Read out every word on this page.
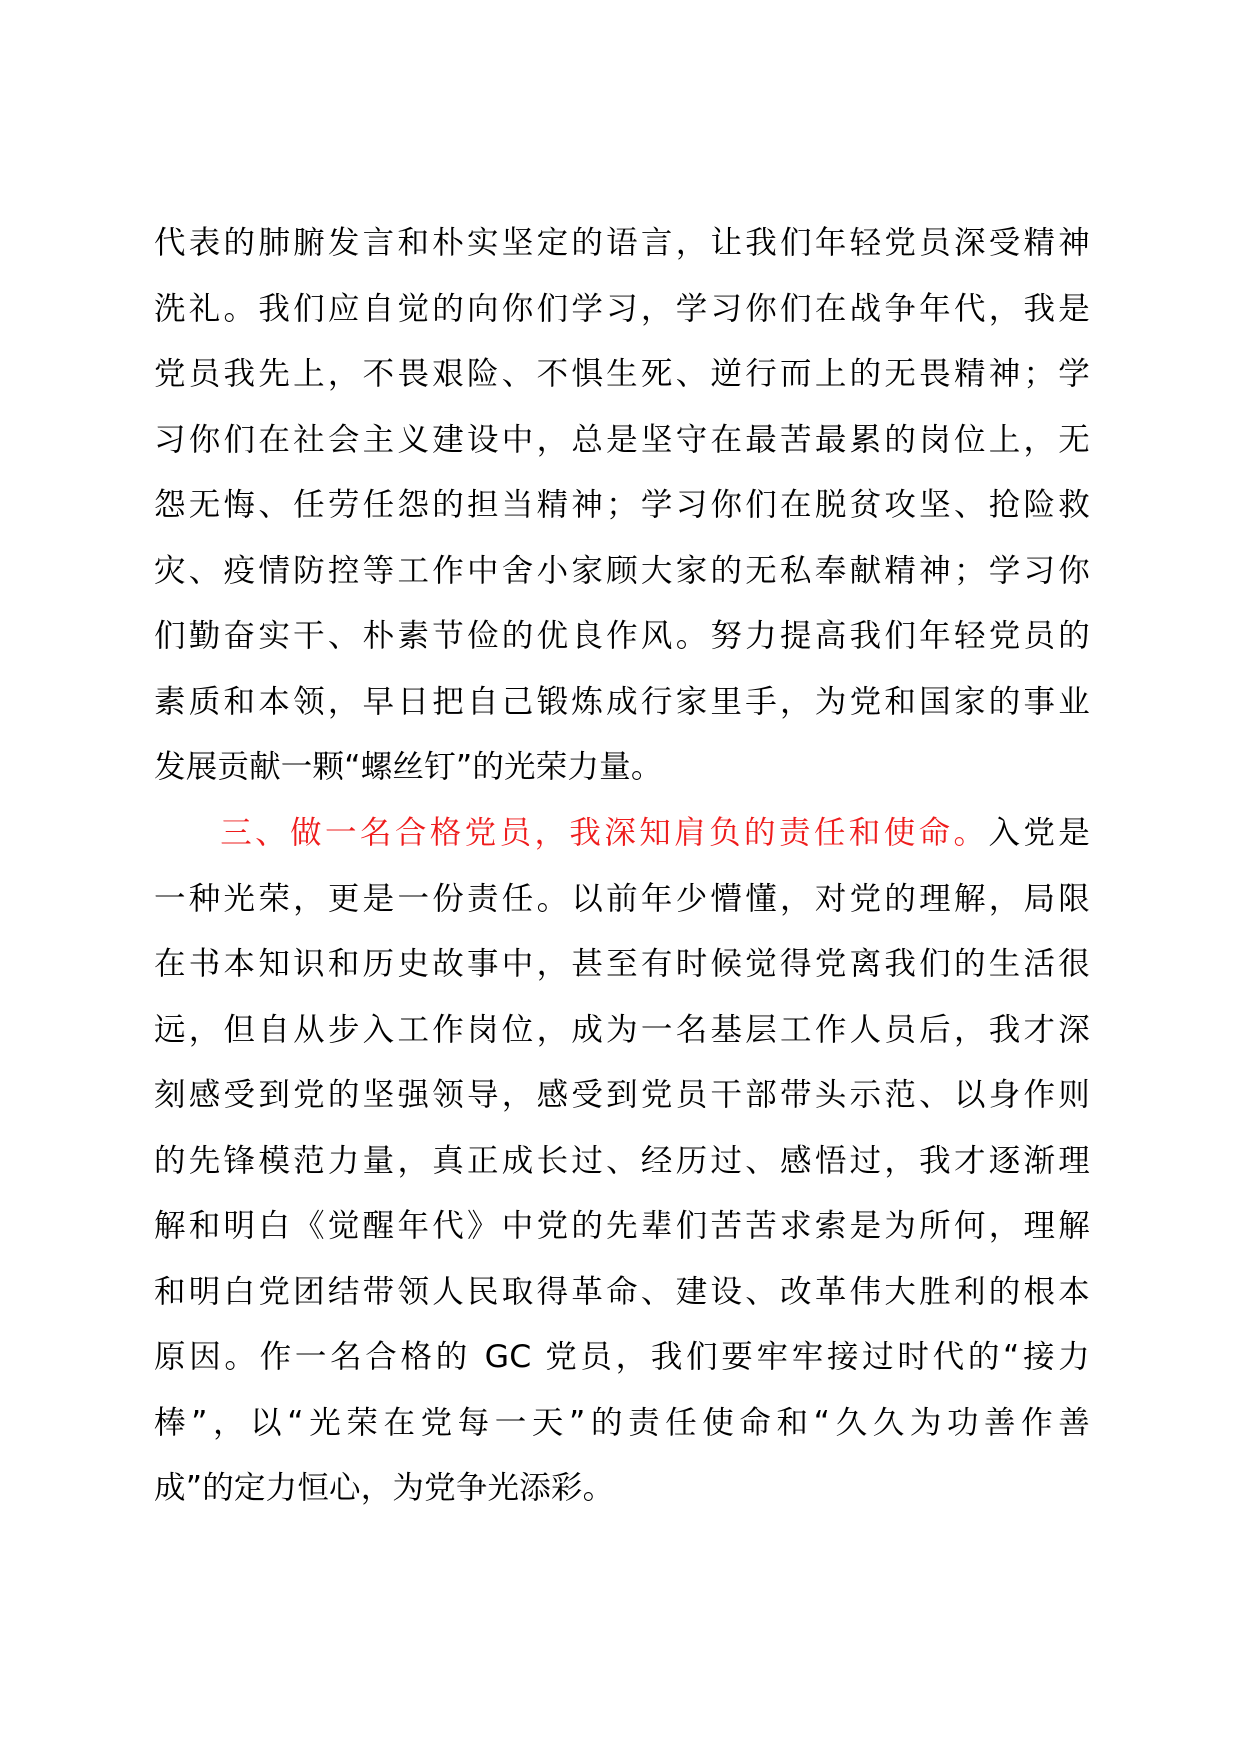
代表的肺腑发言和朴实坚定的语言，让我们年轻党员深受精神
洗礼。我们应自觉的向你们学习，学习你们在战争年代，我是
党员我先上，不畏艰险、不惧生死、逆行而上的无畏精神；学
习你们在社会主义建设中，总是坚守在最苦最累的岗位上，无
怨无悔、任劳任怨的担当精神；学习你们在脱贫攻坚、抢险救
灾、疫情防控等工作中舍小家顾大家的无私奉献精神；学习你
们勤奋实干、朴素节俭的优良作风。努力提高我们年轻党员的
素质和本领，早日把自己锻炼成行家里手，为党和国家的事业
发展贡献一颗“螺丝钉”的光荣力量。
三、做一名合格党员，我深知肩负的责任和使命。入党是
一种光荣，更是一份责任。以前年少懵懂，对党的理解，局限
在书本知识和历史故事中，甚至有时候觉得党离我们的生活很
远，但自从步入工作岗位，成为一名基层工作人员后，我才深
刻感受到党的坚强领导，感受到党员干部带头示范、以身作则
的先锋模范力量，真正成长过、经历过、感悟过，我才逐渐理
解和明白《觉醒年代》中党的先辈们苦苦求索是为所何，理解
和明白党团结带领人民取得革命、建设、改革伟大胜利的根本
原因。作一名合格的 GC 党员，我们要牢牢接过时代的“接力
棒”，以“光荣在党每一天”的责任使命和“久久为功善作善
成”的定力恒心，为党争光添彩。
